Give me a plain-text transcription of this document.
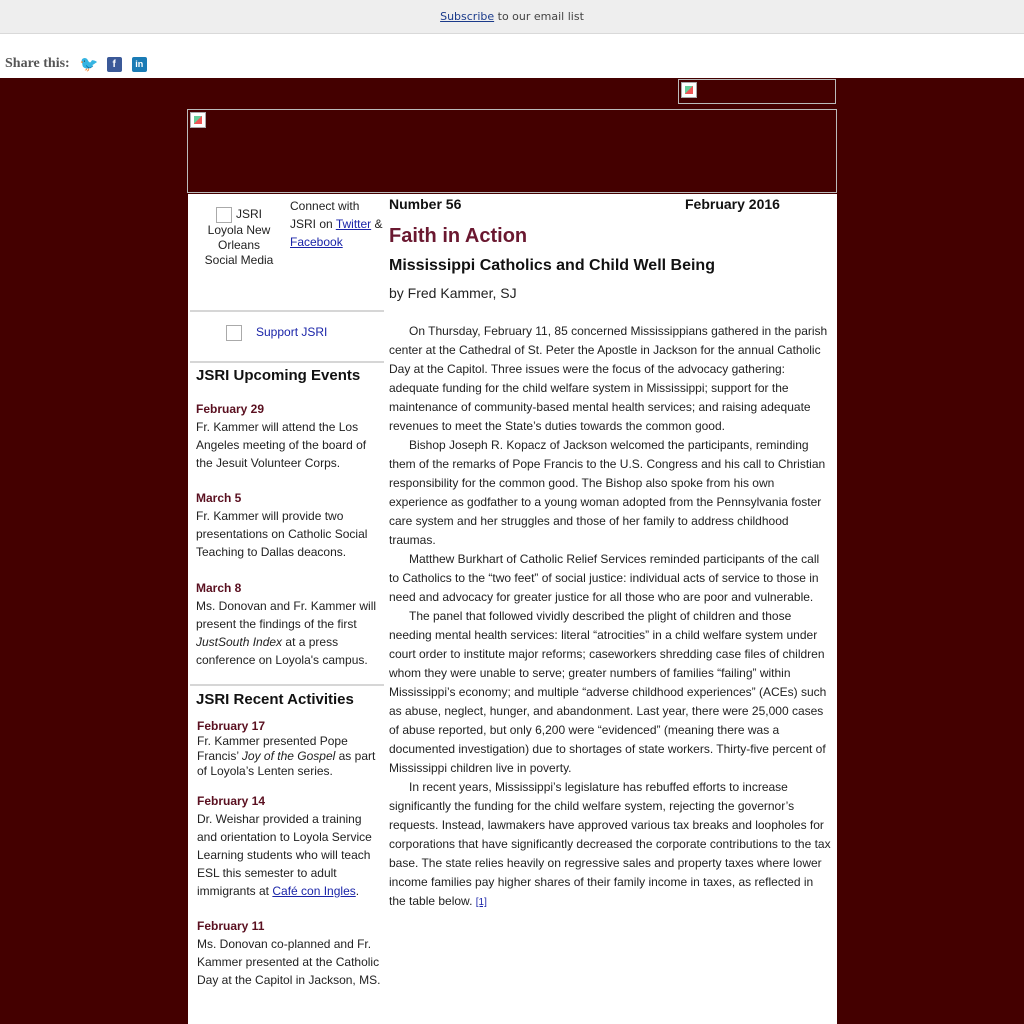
Subscribe to our email list
Share this: 🐦	f	in
JSRI Loyola New Orleans Social Media
Connect with JSRI on Twitter & Facebook
Support JSRI
JSRI Upcoming Events
February 29
Fr. Kammer will attend the Los Angeles meeting of the board of the Jesuit Volunteer Corps.
March 5
Fr. Kammer will provide two presentations on Catholic Social Teaching to Dallas deacons.
March 8
Ms. Donovan and Fr. Kammer will present the findings of the first JustSouth Index at a press conference on Loyola's campus.
JSRI Recent Activities
February 17
Fr. Kammer presented Pope Francis’ Joy of the Gospel as part of Loyola’s Lenten series.
February 14
Dr. Weishar provided a training and orientation to Loyola Service Learning students who will teach ESL this semester to adult immigrants at Café con Ingles.
February 11
Ms. Donovan co-planned and Fr. Kammer presented at the Catholic Day at the Capitol in Jackson, MS.
Number 56	February 2016
Faith in Action
Mississippi Catholics and Child Well Being
by Fred Kammer, SJ

On Thursday, February 11, 85 concerned Mississippians gathered in the parish center at the Cathedral of St. Peter the Apostle in Jackson for the annual Catholic Day at the Capitol. Three issues were the focus of the advocacy gathering: adequate funding for the child welfare system in Mississippi; support for the maintenance of community-based mental health services; and raising adequate revenues to meet the State’s duties towards the common good.

Bishop Joseph R. Kopacz of Jackson welcomed the participants, reminding them of the remarks of Pope Francis to the U.S. Congress and his call to Christian responsibility for the common good. The Bishop also spoke from his own experience as godfather to a young woman adopted from the Pennsylvania foster care system and her struggles and those of her family to address childhood traumas.

Matthew Burkhart of Catholic Relief Services reminded participants of the call to Catholics to the “two feet” of social justice: individual acts of service to those in need and advocacy for greater justice for all those who are poor and vulnerable.

The panel that followed vividly described the plight of children and those needing mental health services: literal “atrocities” in a child welfare system under court order to institute major reforms; caseworkers shredding case files of children whom they were unable to serve; greater numbers of families “failing” within Mississippi’s economy; and multiple “adverse childhood experiences” (ACEs) such as abuse, neglect, hunger, and abandonment. Last year, there were 25,000 cases of abuse reported, but only 6,200 were “evidenced” (meaning there was a documented investigation) due to shortages of state workers. Thirty-five percent of Mississippi children live in poverty.

In recent years, Mississippi’s legislature has rebuffed efforts to increase significantly the funding for the child welfare system, rejecting the governor’s requests. Instead, lawmakers have approved various tax breaks and loopholes for corporations that have significantly decreased the corporate contributions to the tax base. The state relies heavily on regressive sales and property taxes where lower income families pay higher shares of their family income in taxes, as reflected in the table below. [1]
